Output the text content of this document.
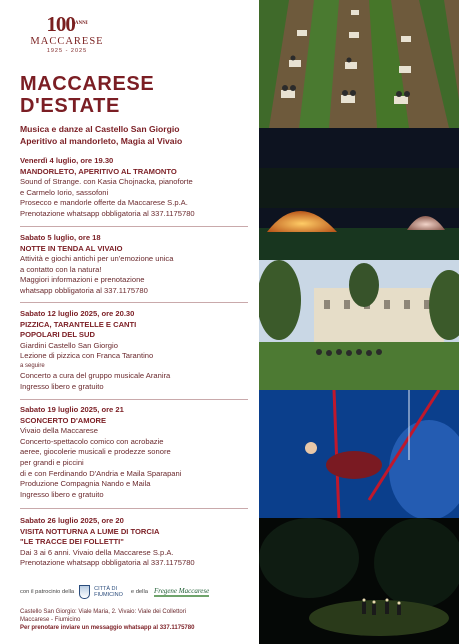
$100^{ANNI}$
MACCARESE
1925 - 2025
MACCARESE
D'ESTATE
Musica e danze al Castello San Giorgio
Aperitivo al mandorleto, Magia al Vivaio
Venerdì 4 luglio, ore 19.30
MANDORLETO, APERITIVO AL TRAMONTO
Sound of Strange. con Kasia Chojnacka, pianoforte
e Carmelo Iorio, sassofoni
Prosecco e mandorle offerte da Maccarese S.p.A.
Prenotazione whatsapp obbligatoria al 337.1175780
Sabato 5 luglio, ore 18
NOTTE IN TENDA AL VIVAIO
Attività e giochi antichi per un'emozione unica
a contatto con la natura!
Maggiori informazioni e prenotazione
whatsapp obbligatoria al 337.1175780
Sabato 12 luglio 2025, ore 20.30
PIZZICA, TARANTELLE E CANTI
POPOLARI DEL SUD
Giardini Castello San Giorgio
Lezione di pizzica con Franca Tarantino
a seguire
Concerto a cura del gruppo musicale Aranira
Ingresso libero e gratuito
Sabato 19 luglio 2025, ore 21
SCONCERTO D'AMORE
Vivaio della Maccarese
Concerto-spettacolo comico con acrobazie
aeree, giocolerie musicali e prodezze sonore
per grandi e piccini
di e con Ferdinando D'Andria e Maila Sparapani
Produzione Compagnia Nando e Maila
Ingresso libero e gratuito
Sabato 26 luglio 2025, ore 20
VISITA NOTTURNA A LUME DI TORCIA
"LE TRACCE DEI FOLLETTI"
Dai 3 ai 6 anni. Vivaio della Maccarese S.p.A.
Prenotazione whatsapp obbligatoria al 337.1175780
con il patrocinio della	CITTÀ DI
FIUMICINO e della Fregene Maccarese
Castello San Giorgio: Viale Maria, 2. Vivaio: Viale dei Collettori
Maccarese - Fiumicino
Per prenotare inviare un messaggio whatsapp al 337.1175780
